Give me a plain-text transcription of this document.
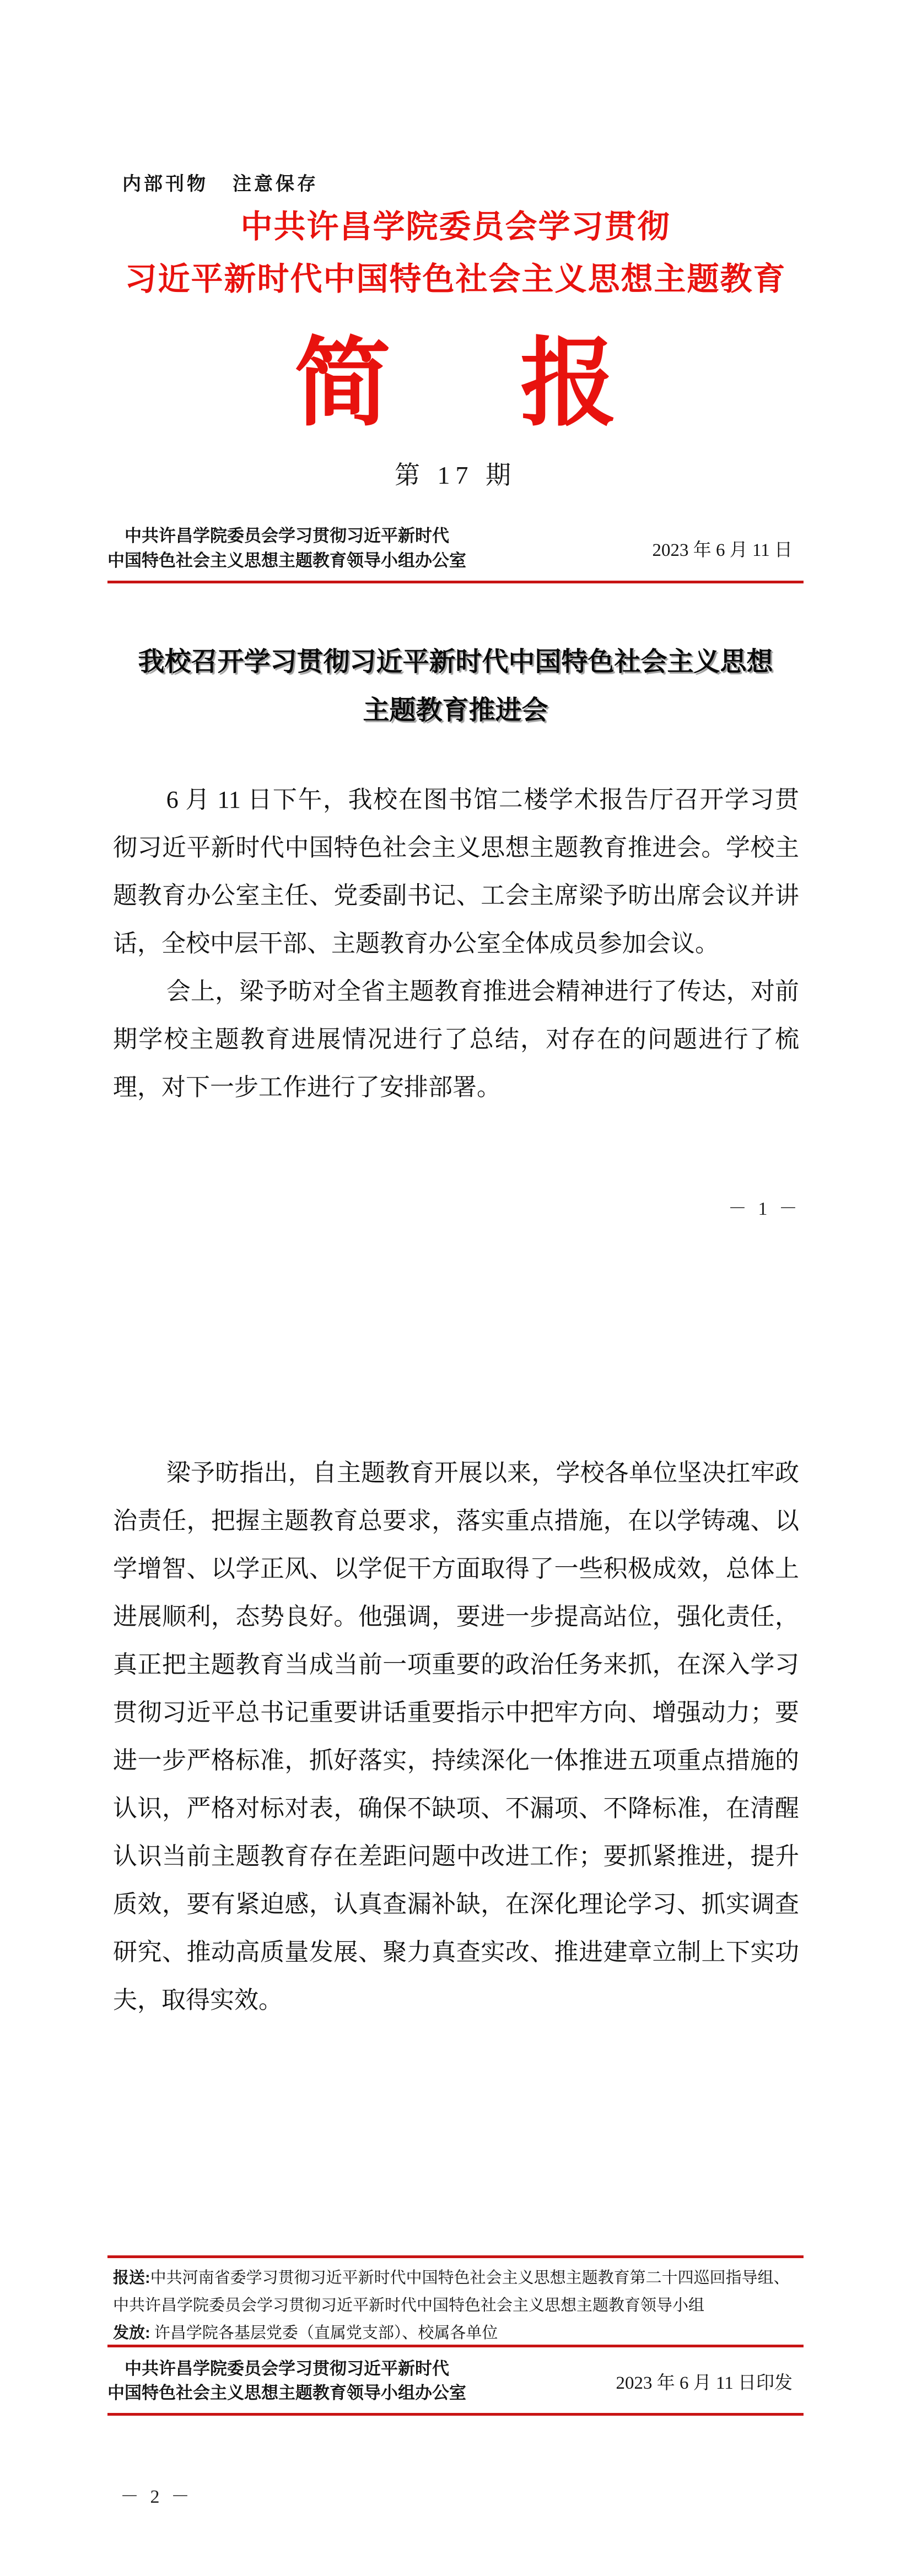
内部刊物 注意保存
中共许昌学院委员会学习贯彻
习近平新时代中国特色社会主义思想主题教育
简 报
第 17 期
中共许昌学院委员会学习贯彻习近平新时代
中国特色社会主义思想主题教育领导小组办公室
2023 年 6 月 11 日
我校召开学习贯彻习近平新时代中国特色社会主义思想
主题教育推进会

6 月 11 日下午，我校在图书馆二楼学术报告厅召开学习贯彻习近平新时代中国特色社会主义思想主题教育推进会。学校主题教育办公室主任、党委副书记、工会主席梁予昉出席会议并讲话，全校中层干部、主题教育办公室全体成员参加会议。

会上，梁予昉对全省主题教育推进会精神进行了传达，对前期学校主题教育进展情况进行了总结，对存在的问题进行了梳理，对下一步工作进行了安排部署。

－ 1 －

梁予昉指出，自主题教育开展以来，学校各单位坚决扛牢政治责任，把握主题教育总要求，落实重点措施，在以学铸魂、以学增智、以学正风、以学促干方面取得了一些积极成效，总体上进展顺利，态势良好。他强调，要进一步提高站位，强化责任，真正把主题教育当成当前一项重要的政治任务来抓，在深入学习贯彻习近平总书记重要讲话重要指示中把牢方向、增强动力；要进一步严格标准，抓好落实，持续深化一体推进五项重点措施的认识，严格对标对表，确保不缺项、不漏项、不降标准，在清醒认识当前主题教育存在差距问题中改进工作；要抓紧推进，提升质效，要有紧迫感，认真查漏补缺，在深化理论学习、抓实调查研究、推动高质量发展、聚力真查实改、推进建章立制上下实功夫，取得实效。

报送:中共河南省委学习贯彻习近平新时代中国特色社会主义思想主题教育第二十四巡回指导组、
中共许昌学院委员会学习贯彻习近平新时代中国特色社会主义思想主题教育领导小组
发放: 许昌学院各基层党委（直属党支部）、校属各单位
中共许昌学院委员会学习贯彻习近平新时代
中国特色社会主义思想主题教育领导小组办公室	2023 年 6 月 11 日印发
－ 2 －
